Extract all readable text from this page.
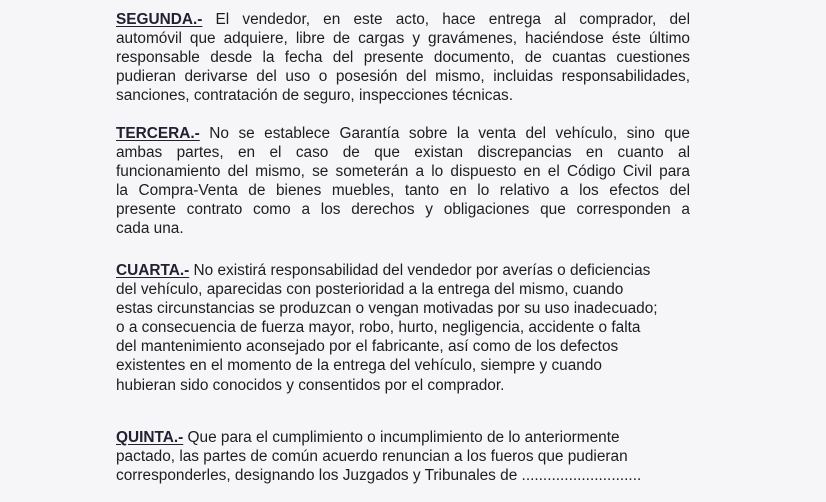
SEGUNDA.- El vendedor, en este acto, hace entrega al comprador, del
automóvil que adquiere, libre de cargas y gravámenes, haciéndose éste último
responsable desde la fecha del presente documento, de cuantas cuestiones
pudieran derivarse del uso o posesión del mismo, incluidas responsabilidades,
sanciones, contratación de seguro, inspecciones técnicas.
TERCERA.- No se establece Garantía sobre la venta del vehículo, sino que
ambas partes, en el caso de que existan discrepancias en cuanto al
funcionamiento del mismo, se someterán a lo dispuesto en el Código Civil para
la Compra-Venta de bienes muebles, tanto en lo relativo a los efectos del
presente contrato como a los derechos y obligaciones que corresponden a
cada una.
CUARTA.- No existirá responsabilidad del vendedor por averías o deficiencias
del vehículo, aparecidas con posterioridad a la entrega del mismo, cuando
estas circunstancias se produzcan o vengan motivadas por su uso inadecuado;
o a consecuencia de fuerza mayor, robo, hurto, negligencia, accidente o falta
del mantenimiento aconsejado por el fabricante, así como de los defectos
existentes en el momento de la entrega del vehículo, siempre y cuando
hubieran sido conocidos y consentidos por el comprador.
QUINTA.- Que para el cumplimiento o incumplimiento de lo anteriormente
pactado, las partes de común acuerdo renuncian a los fueros que pudieran
corresponderles, designando los Juzgados y Tribunales de ............................
